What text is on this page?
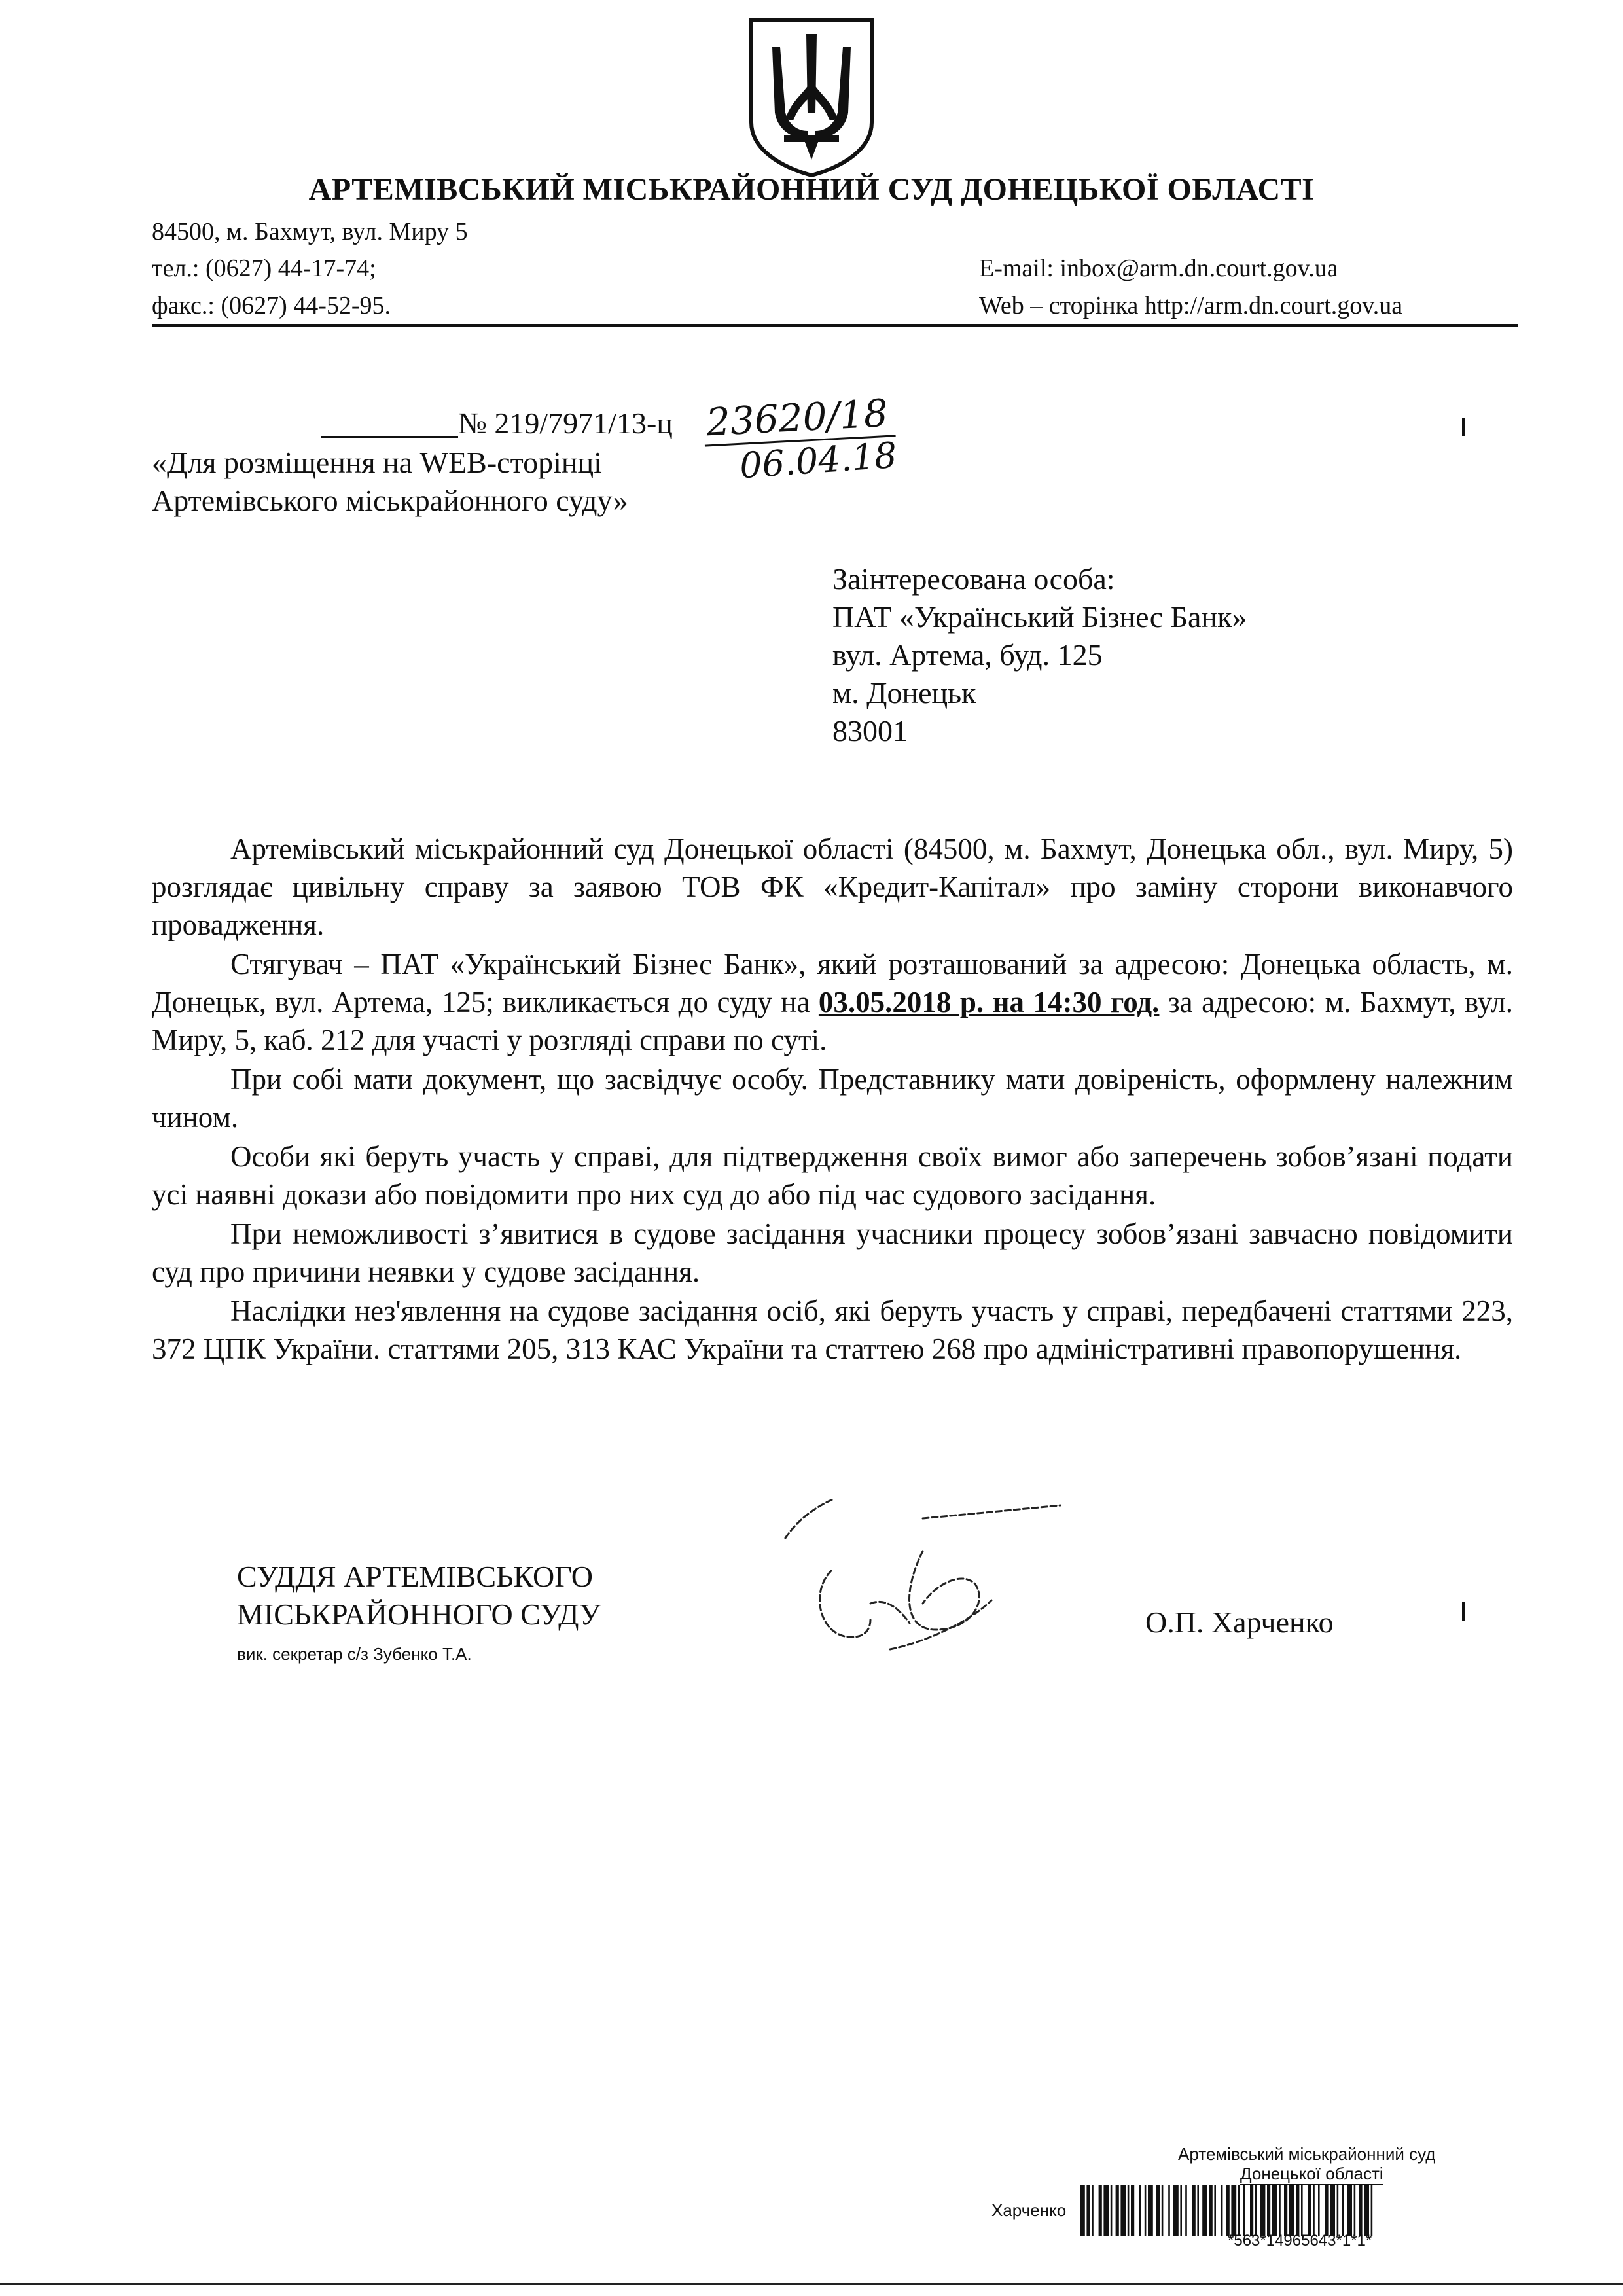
АРТЕМІВСЬКИЙ МІСЬКРАЙОННИЙ СУД ДОНЕЦЬКОЇ ОБЛАСТІ
84500, м. Бахмут, вул. Миру 5
тел.: (0627) 44-17-74;
факс.: (0627) 44-52-95.
E-mail: inbox@arm.dn.court.gov.ua
Web – сторінка http://arm.dn.court.gov.ua
№ 219/7971/13-ц 23620/18
06.04.18
«Для розміщення на WEB-сторінці
Артемівського міськрайонного суду»
Заінтересована особа:
ПАТ «Український Бізнес Банк»
вул. Артема, буд. 125
м. Донецьк
83001

Артемівський міськрайонний суд Донецької області (84500, м. Бахмут, Донецька обл., вул. Миру, 5) розглядає цивільну справу за заявою ТОВ ФК «Кредит-Капітал» про заміну сторони виконавчого провадження.

Стягувач – ПАТ «Український Бізнес Банк», який розташований за адресою: Донецька область, м. Донецьк, вул. Артема, 125; викликається до суду на 03.05.2018 р. на 14:30 год. за адресою: м. Бахмут, вул. Миру, 5, каб. 212 для участі у розгляді справи по суті.

При собі мати документ, що засвідчує особу. Представнику мати довіреність, оформлену належним чином.

Особи які беруть участь у справі, для підтвердження своїх вимог або заперечень зобов’язані подати усі наявні докази або повідомити про них суд до або під час судового засідання.

При неможливості з’явитися в судове засідання учасники процесу зобов’язані завчасно повідомити суд про причини неявки у судове засідання.

Наслідки нез'явлення на судове засідання осіб, які беруть участь у справі, передбачені статтями 223, 372 ЦПК України. статтями 205, 313 КАС України та статтею 268 про адміністративні правопорушення.

СУДДЯ АРТЕМІВСЬКОГО
МІСЬКРАЙОННОГО СУДУ
вик. секретар с/з Зубенко Т.А.
О.П. Харченко
Артемівський міськрайонний суд
Донецької області
Харченко
*563*14965643*1*1*
